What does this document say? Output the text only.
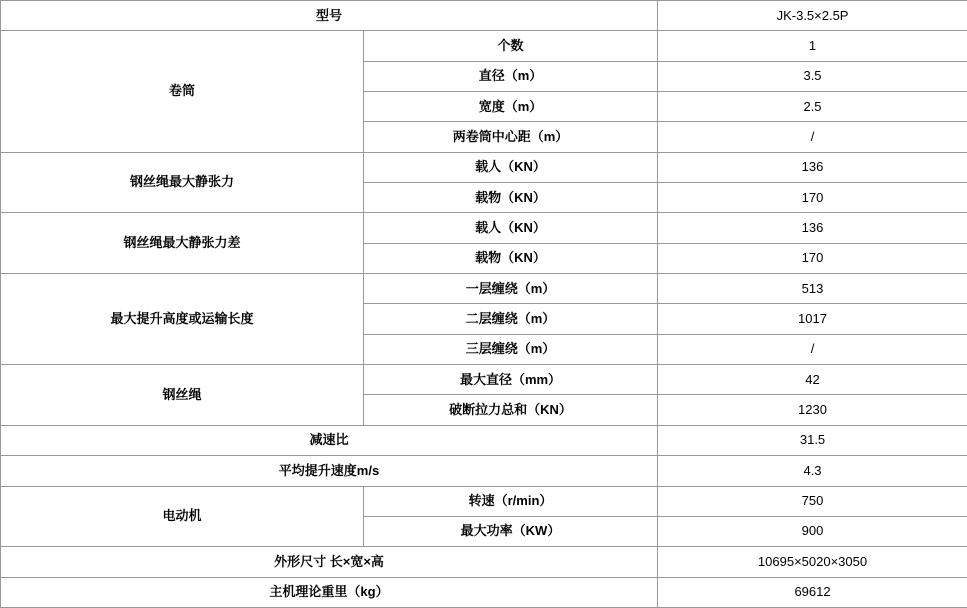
型号		JK-3.5×2.5P
卷筒	个数	1
	直径（m）	3.5
	宽度（m）	2.5
	两卷筒中心距（m）	/
钢丝绳最大静张力	载人（KN）	136
	载物（KN）	170
钢丝绳最大静张力差	载人（KN）	136
	载物（KN）	170
最大提升高度或运输长度	一层缠绕（m）	513
	二层缠绕（m）	1017
	三层缠绕（m）	/
钢丝绳	最大直径（mm）	42
	破断拉力总和（KN）	1230
减速比		31.5
平均提升速度m/s		4.3
电动机	转速（r/min）	750
	最大功率（KW）	900
外形尺寸 长×宽×高		10695×5020×3050
主机理论重里（kg）		69612
